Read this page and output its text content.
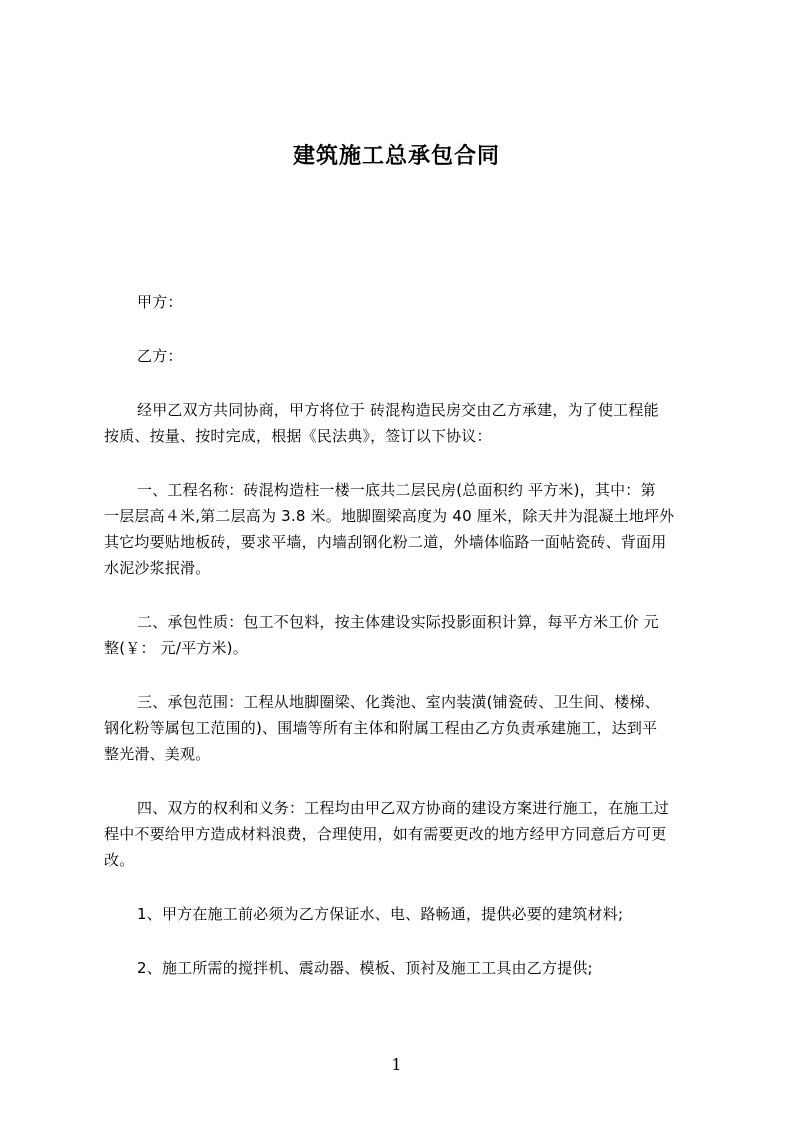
建筑施工总承包合同
甲方：
乙方：
经甲乙双方共同协商，甲方将位于 砖混构造民房交由乙方承建，为了使工程能
按质、按量、按时完成，根据《民法典》，签订以下协议：
一、工程名称：砖混构造柱一楼一底共二层民房(总面积约 平方米)，其中：第
一层层高４米,第二层高为 3.8 米。地脚圈梁高度为 40 厘米，除天井为混凝土地坪外
其它均要贴地板砖，要求平墙，内墙刮钢化粉二道，外墙体临路一面帖瓷砖、背面用
水泥沙浆抿滑。
二、承包性质：包工不包料，按主体建设实际投影面积计算，每平方米工价 元
整(￥： 元/平方米)。
三、承包范围：工程从地脚圈梁、化粪池、室内装潢(铺瓷砖、卫生间、楼梯、
钢化粉等属包工范围的)、围墙等所有主体和附属工程由乙方负责承建施工，达到平
整光滑、美观。
四、双方的权利和义务：工程均由甲乙双方协商的建设方案进行施工，在施工过
程中不要给甲方造成材料浪费，合理使用，如有需要更改的地方经甲方同意后方可更
改。
1、甲方在施工前必须为乙方保证水、电、路畅通，提供必要的建筑材料;
2、施工所需的搅拌机、震动器、模板、顶衬及施工工具由乙方提供;
1
